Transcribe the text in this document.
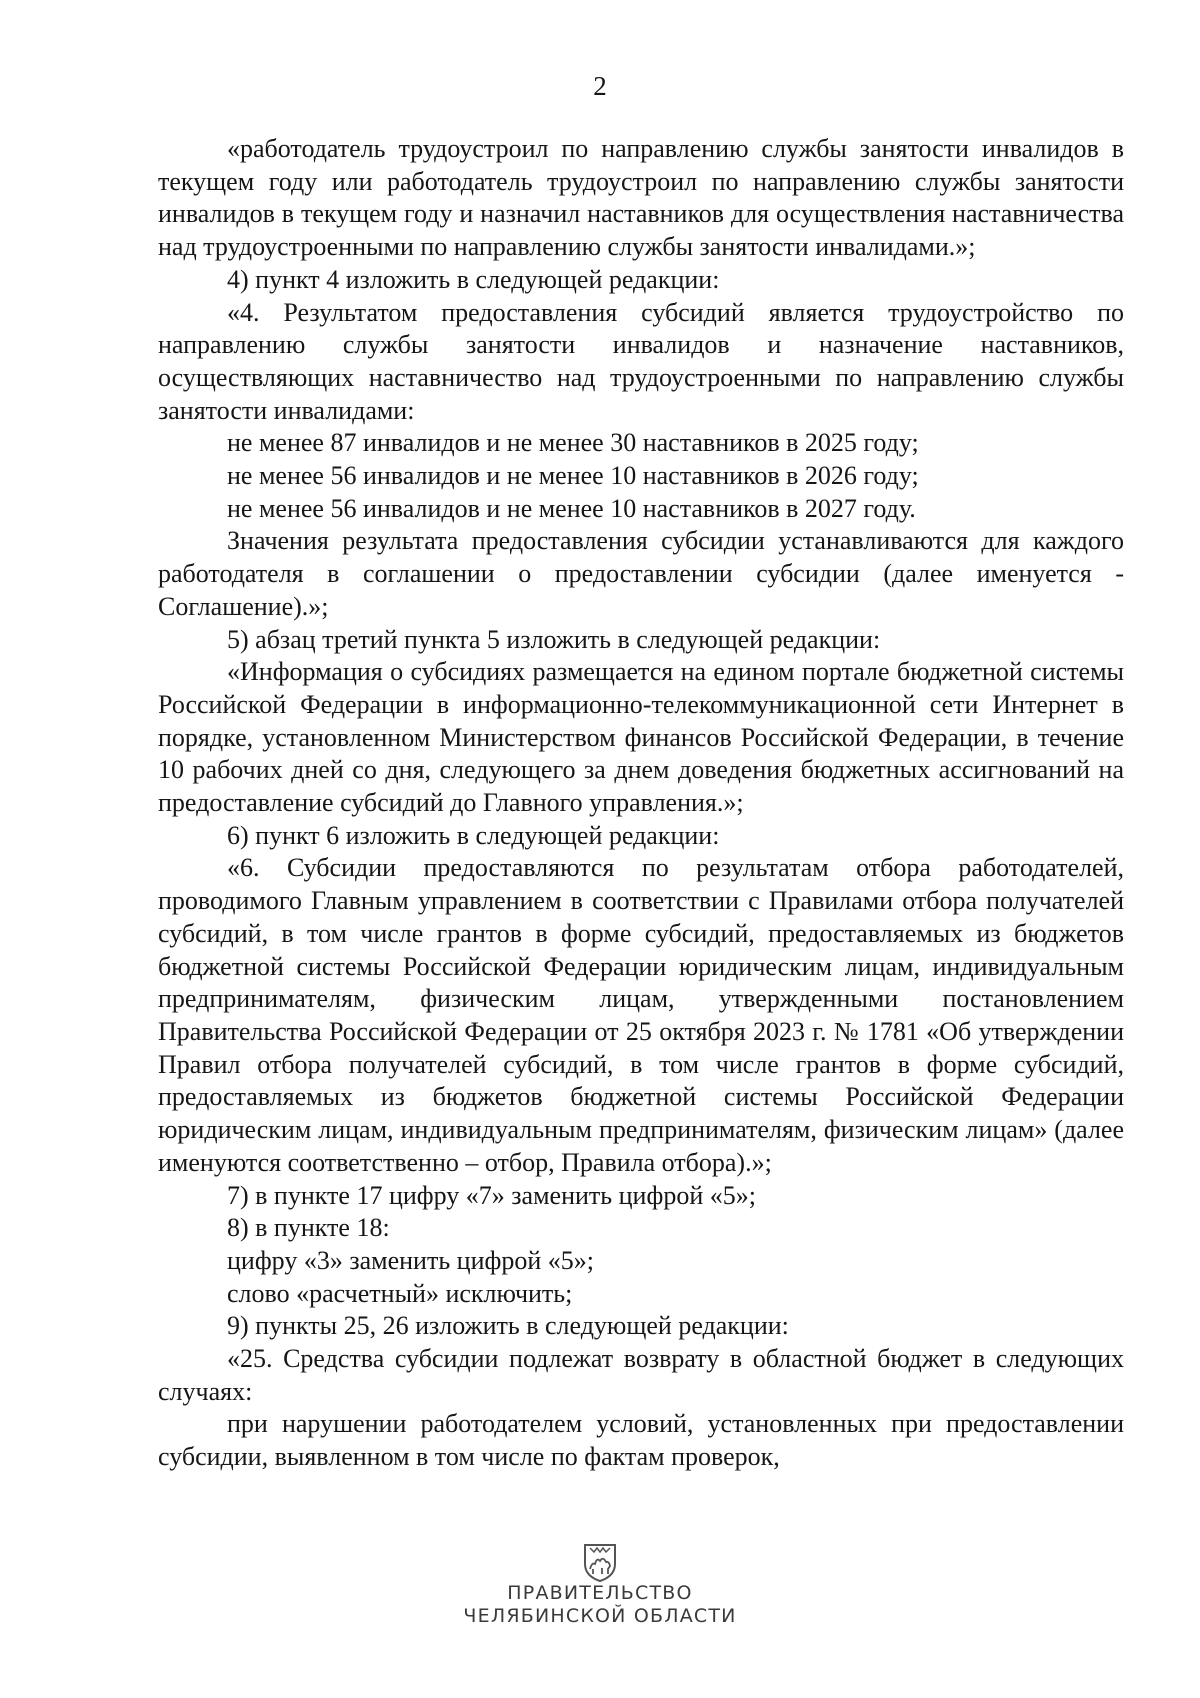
2

«работодатель трудоустроил по направлению службы занятости инвалидов в текущем году или работодатель трудоустроил по направлению службы занятости инвалидов в текущем году и назначил наставников для осуществления наставничества над трудоустроенными по направлению службы занятости инвалидами.»;

4) пункт 4 изложить в следующей редакции:

«4. Результатом предоставления субсидий является трудоустройство по направлению службы занятости инвалидов и назначение наставников, осуществляющих наставничество над трудоустроенными по направлению службы занятости инвалидами:

не менее 87 инвалидов и не менее 30 наставников в 2025 году;

не менее 56 инвалидов и не менее 10 наставников в 2026 году;

не менее 56 инвалидов и не менее 10 наставников в 2027 году.

Значения результата предоставления субсидии устанавливаются для каждого работодателя в соглашении о предоставлении субсидии (далее именуется - Соглашение).»;

5) абзац третий пункта 5 изложить в следующей редакции:

«Информация о субсидиях размещается на едином портале бюджетной системы Российской Федерации в информационно-телекоммуникационной сети Интернет в порядке, установленном Министерством финансов Российской Федерации, в течение 10 рабочих дней со дня, следующего за днем доведения бюджетных ассигнований на предоставление субсидий до Главного управления.»;

6) пункт 6 изложить в следующей редакции:

«6. Субсидии предоставляются по результатам отбора работодателей, проводимого Главным управлением в соответствии с Правилами отбора получателей субсидий, в том числе грантов в форме субсидий, предоставляемых из бюджетов бюджетной системы Российской Федерации юридическим лицам, индивидуальным предпринимателям, физическим лицам, утвержденными постановлением Правительства Российской Федерации от 25 октября 2023 г. № 1781 «Об утверждении Правил отбора получателей субсидий, в том числе грантов в форме субсидий, предоставляемых из бюджетов бюджетной системы Российской Федерации юридическим лицам, индивидуальным предпринимателям, физическим лицам» (далее именуются соответственно – отбор, Правила отбора).»;

7) в пункте 17 цифру «7» заменить цифрой «5»;

8) в пункте 18:

цифру «3» заменить цифрой «5»;

слово «расчетный» исключить;

9) пункты 25, 26 изложить в следующей редакции:

«25. Средства субсидии подлежат возврату в областной бюджет в следующих случаях:

при нарушении работодателем условий, установленных при предоставлении субсидии, выявленном в том числе по фактам проверок,

ПРАВИТЕЛЬСТВО
ЧЕЛЯБИНСКОЙ ОБЛАСТИ
